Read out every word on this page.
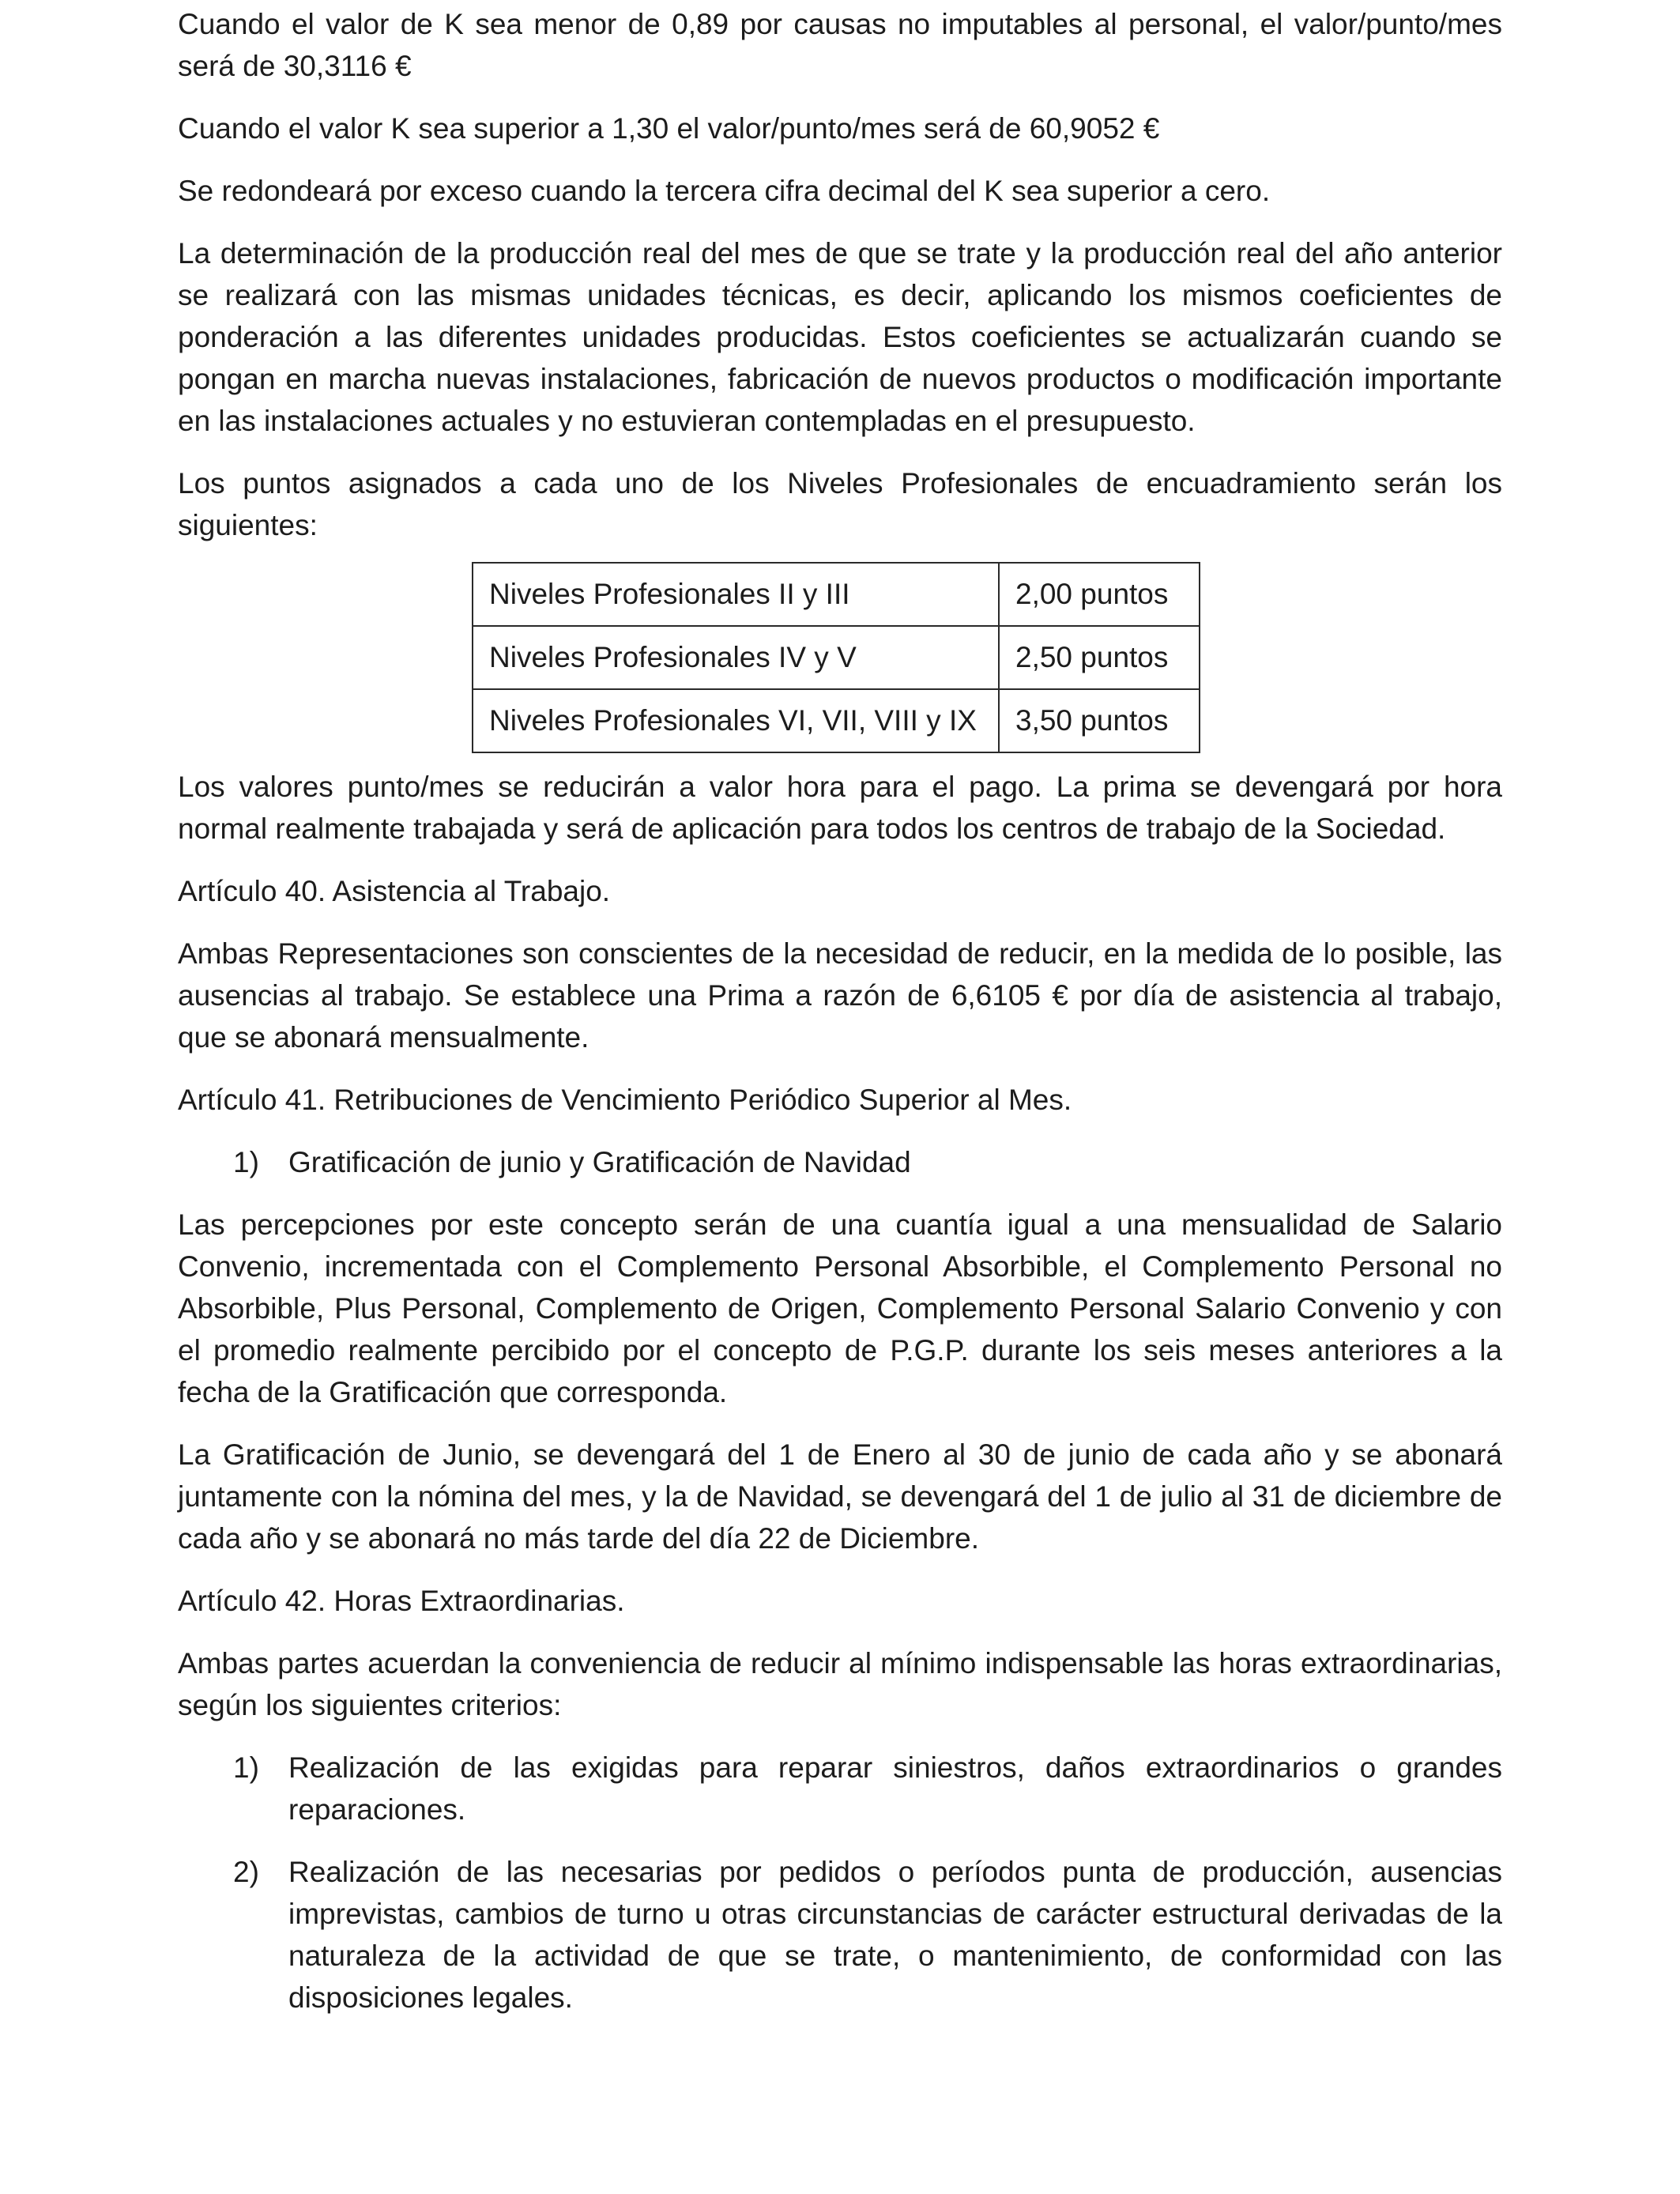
Cuando el valor de K sea menor de 0,89 por causas no imputables al personal, el valor/punto/mes será de 30,3116 €

Cuando el valor K sea superior a 1,30 el valor/punto/mes será de 60,9052 €

Se redondeará por exceso cuando la tercera cifra decimal del K sea superior a cero.

La determinación de la producción real del mes de que se trate y la producción real del año anterior se realizará con las mismas unidades técnicas, es decir, aplicando los mismos coeficientes de ponderación a las diferentes unidades producidas. Estos coeficientes se actualizarán cuando se pongan en marcha nuevas instalaciones, fabricación de nuevos productos o modificación importante en las instalaciones actuales y no estuvieran contempladas en el presupuesto.

Los puntos asignados a cada uno de los Niveles Profesionales de encuadramiento serán los siguientes:

Niveles Profesionales II y III	2,00 puntos
Niveles Profesionales IV y V	2,50 puntos
Niveles Profesionales VI, VII, VIII y IX	3,50 puntos

Los valores punto/mes se reducirán a valor hora para el pago. La prima se devengará por hora normal realmente trabajada y será de aplicación para todos los centros de trabajo de la Sociedad.

Artículo 40. Asistencia al Trabajo.

Ambas Representaciones son conscientes de la necesidad de reducir, en la medida de lo posible, las ausencias al trabajo. Se establece una Prima a razón de 6,6105 € por día de asistencia al trabajo, que se abonará mensualmente.

Artículo 41. Retribuciones de Vencimiento Periódico Superior al Mes.

1)	Gratificación de junio y Gratificación de Navidad

Las percepciones por este concepto serán de una cuantía igual a una mensualidad de Salario Convenio, incrementada con el Complemento Personal Absorbible, el Complemento Personal no Absorbible, Plus Personal, Complemento de Origen, Complemento Personal Salario Convenio y con el promedio realmente percibido por el concepto de P.G.P. durante los seis meses anteriores a la fecha de la Gratificación que corresponda.

La Gratificación de Junio, se devengará del 1 de Enero al 30 de junio de cada año y se abonará juntamente con la nómina del mes, y la de Navidad, se devengará del 1 de julio al 31 de diciembre de cada año y se abonará no más tarde del día 22 de Diciembre.

Artículo 42. Horas Extraordinarias.

Ambas partes acuerdan la conveniencia de reducir al mínimo indispensable las horas extraordinarias, según los siguientes criterios:

1)	Realización de las exigidas para reparar siniestros, daños extraordinarios o grandes reparaciones.
2)	Realización de las necesarias por pedidos o períodos punta de producción, ausencias imprevistas, cambios de turno u otras circunstancias de carácter estructural derivadas de la naturaleza de la actividad de que se trate, o mantenimiento, de conformidad con las disposiciones legales.
